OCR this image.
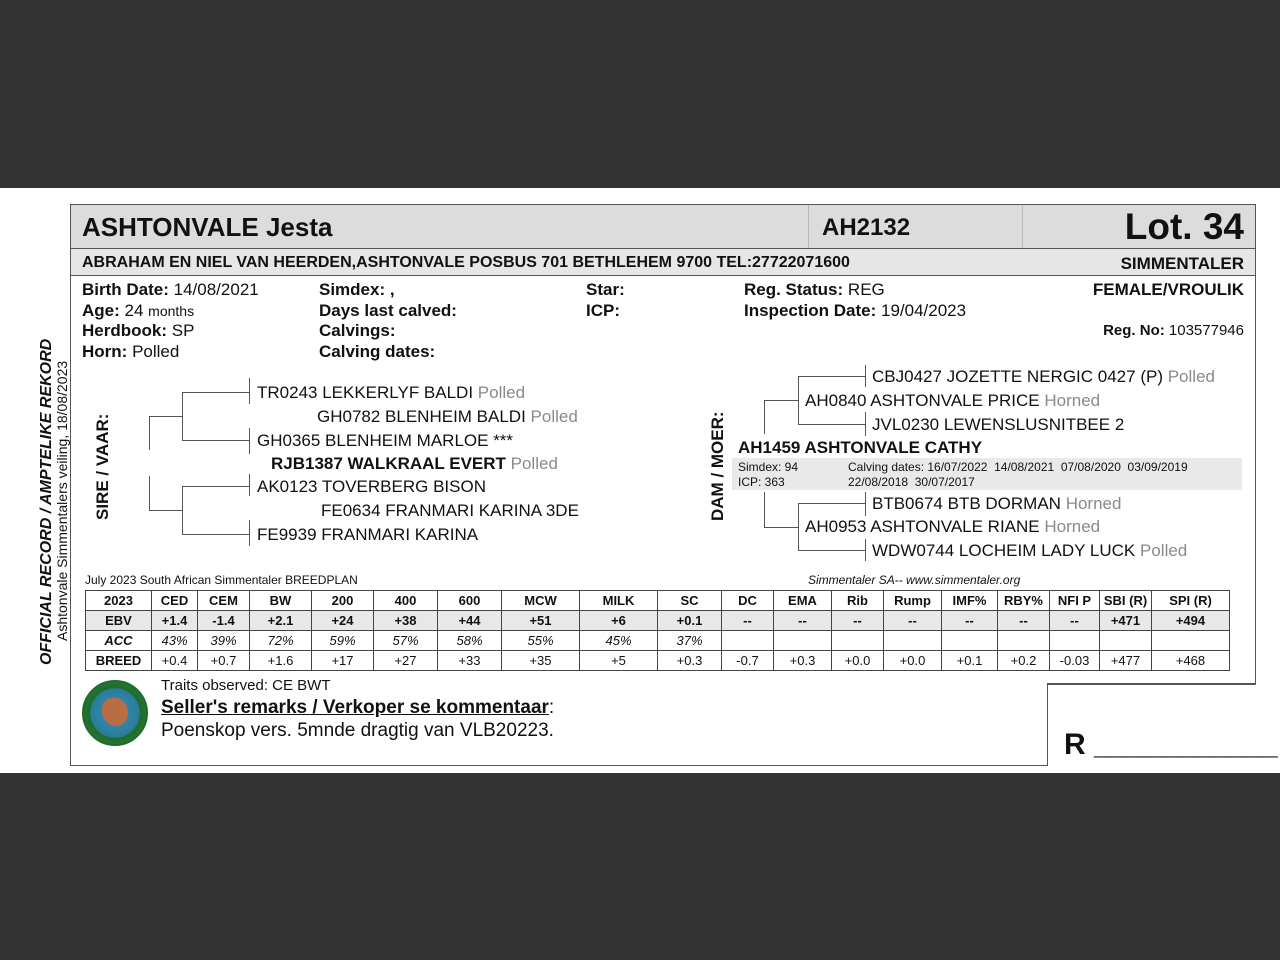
ASHTONVALE Jesta	AH2132	Lot. 34
ABRAHAM EN NIEL VAN HEERDEN,ASHTONVALE POSBUS 701 BETHLEHEM 9700 TEL:27722071600	SIMMENTALER
OFFICIAL RECORD / AMPTELIKE REKORD Ashtonvale Simmentalers veiling, 18/08/2023 SIRE / VAAR:	DAM / MOER:
Birth Date: 14/08/2021
Age: 24 months
Herdbook: SP
Horn: Polled
Simdex: ,
Days last calved:
Calvings:
Calving dates:
Star:
ICP:
Reg. Status: REG
Inspection Date: 19/04/2023
FEMALE/VROULIK
Reg. No: 103577946
TR0243 LEKKERLYF BALDI Polled
GH0782 BLENHEIM BALDI Polled
GH0365 BLENHEIM MARLOE ***
RJB1387 WALKRAAL EVERT Polled
AK0123 TOVERBERG BISON
FE0634 FRANMARI KARINA 3DE
FE9939 FRANMARI KARINA
CBJ0427 JOZETTE NERGIC 0427 (P) Polled
AH0840 ASHTONVALE PRICE Horned
JVL0230 LEWENSLUSNITBEE 2
AH1459 ASHTONVALE CATHY
Simdex: 94
ICP: 363
Calving dates: 16/07/2022  14/08/2021  07/08/2020  03/09/2019
22/08/2018  30/07/2017
BTB0674 BTB DORMAN Horned
AH0953 ASHTONVALE RIANE Horned
WDW0744 LOCHEIM LADY LUCK Polled
July 2023 South African Simmentaler BREEDPLAN	Simmentaler SA-- www.simmentaler.org
2023	CED	CEM	BW	200	400	600	MCW	MILK	SC	DC	EMA	Rib	Rump	IMF%	RBY%	NFI P	SBI (R)	SPI (R)
EBV	+1.4	-1.4	+2.1	+24	+38	+44	+51	+6	+0.1	--	--	--	--	--	--	--	+471	+494
ACC	43%	39%	72%	59%	57%	58%	55%	45%	37%									
BREED	+0.4	+0.7	+1.6	+17	+27	+33	+35	+5	+0.3	-0.7	+0.3	+0.0	+0.0	+0.1	+0.2	-0.03	+477	+468
Traits observed: CE BWT
Seller's remarks / Verkoper se kommentaar:
Poenskop vers. 5mnde dragtig van VLB20223.	R ___________
